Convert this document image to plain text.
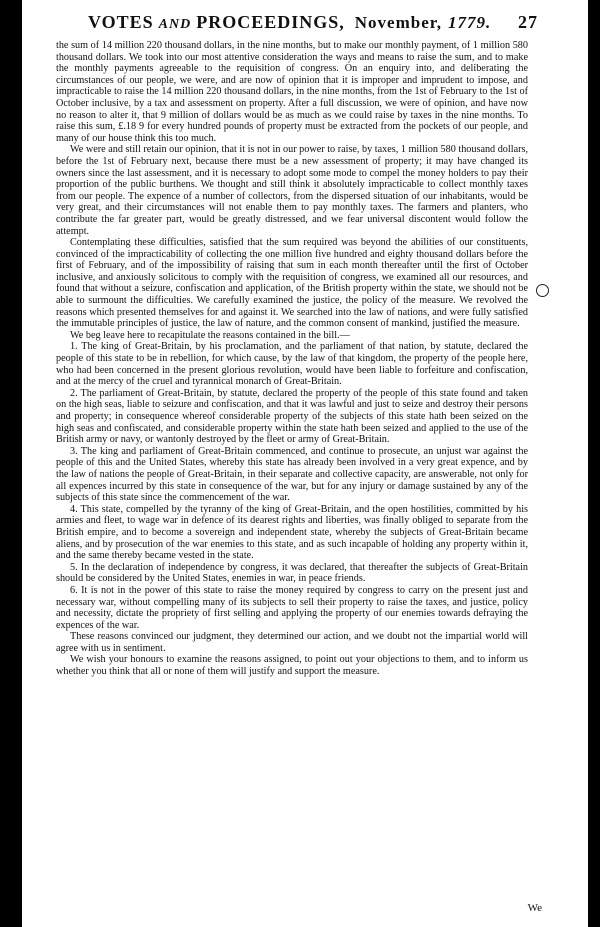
VOTES AND PROCEEDINGS, November, 1779. 27

the sum of 14 million 220 thousand dollars, in the nine months, but to make our monthly payment, of 1 million 580 thousand dollars. We took into our most attentive consideration the ways and means to raise the sum, and to make the monthly payments agreeable to the requisition of congress. On an enquiry into, and deliberating the circumstances of our people, we were, and are now of opinion that it is improper and imprudent to impose, and impracticable to raise the 14 million 220 thousand dollars, in the nine months, from the 1st of February to the 1st of October inclusive, by a tax and assessment on property. After a full discussion, we were of opinion, and have now no reason to alter it, that 9 million of dollars would be as much as we could raise by taxes in the nine months. To raise this sum, £.18 9 for every hundred pounds of property must be extracted from the pockets of our people, and many of our house think this too much.

We were and still retain our opinion, that it is not in our power to raise, by taxes, 1 million 580 thousand dollars, before the 1st of February next, because there must be a new assessment of property; it may have changed its owners since the last assessment, and it is necessary to adopt some mode to compel the money holders to pay their proportion of the public burthens. We thought and still think it absolutely impracticable to collect monthly taxes from our people. The expence of a number of collectors, from the dispersed situation of our inhabitants, would be very great, and their circumstances will not enable them to pay monthly taxes. The farmers and planters, who contribute the far greater part, would be greatly distressed, and we fear universal discontent would follow the attempt.

Contemplating these difficulties, satisfied that the sum required was beyond the abilities of our constituents, convinced of the impracticability of collecting the one million five hundred and eighty thousand dollars before the first of February, and of the impossibility of raising that sum in each month thereafter until the first of October inclusive, and anxiously solicitous to comply with the requisition of congress, we examined all our resources, and found that without a seizure, confiscation and application, of the British property within the state, we should not be able to surmount the difficulties. We carefully examined the justice, the policy of the measure. We revolved the reasons which presented themselves for and against it. We searched into the law of nations, and were fully satisfied the immutable principles of justice, the law of nature, and the common consent of mankind, justified the measure.

We beg leave here to recapitulate the reasons contained in the bill.—

1. The king of Great-Britain, by his proclamation, and the parliament of that nation, by statute, declared the people of this state to be in rebellion, for which cause, by the law of that kingdom, the property of the people here, who had been concerned in the present glorious revolution, would have been liable to forfeiture and confiscation, and at the mercy of the cruel and tyrannical monarch of Great-Britain.

2. The parliament of Great-Britain, by statute, declared the property of the people of this state found and taken on the high seas, liable to seizure and confiscation, and that it was lawful and just to seize and destroy their persons and property; in consequence whereof considerable property of the subjects of this state hath been seized on the high seas and confiscated, and considerable property within the state hath been seized and applied to the use of the British army or navy, or wantonly destroyed by the fleet or army of Great-Britain.

3. The king and parliament of Great-Britain commenced, and continue to prosecute, an unjust war against the people of this and the United States, whereby this state has already been involved in a very great expence, and by the law of nations the people of Great-Britain, in their separate and collective capacity, are answerable, not only for all expences incurred by this state in consequence of the war, but for any injury or damage sustained by any of the subjects of this state since the commencement of the war.

4. This state, compelled by the tyranny of the king of Great-Britain, and the open hostilities, committed by his armies and fleet, to wage war in defence of its dearest rights and liberties, was finally obliged to separate from the British empire, and to become a sovereign and independent state, whereby the subjects of Great-Britain became aliens, and by prosecution of the war enemies to this state, and as such incapable of holding any property within it, and the same thereby became vested in the state.

5. In the declaration of independence by congress, it was declared, that thereafter the subjects of Great-Britain should be considered by the United States, enemies in war, in peace friends.

6. It is not in the power of this state to raise the money required by congress to carry on the present just and necessary war, without compelling many of its subjects to sell their property to raise the taxes, and justice, policy and necessity, dictate the propriety of first selling and applying the property of our enemies towards defraying the expences of the war.

These reasons convinced our judgment, they determined our action, and we doubt not the impartial world will agree with us in sentiment.

We wish your honours to examine the reasons assigned, to point out your objections to them, and to inform us whether you think that all or none of them will justify and support the measure.

We
